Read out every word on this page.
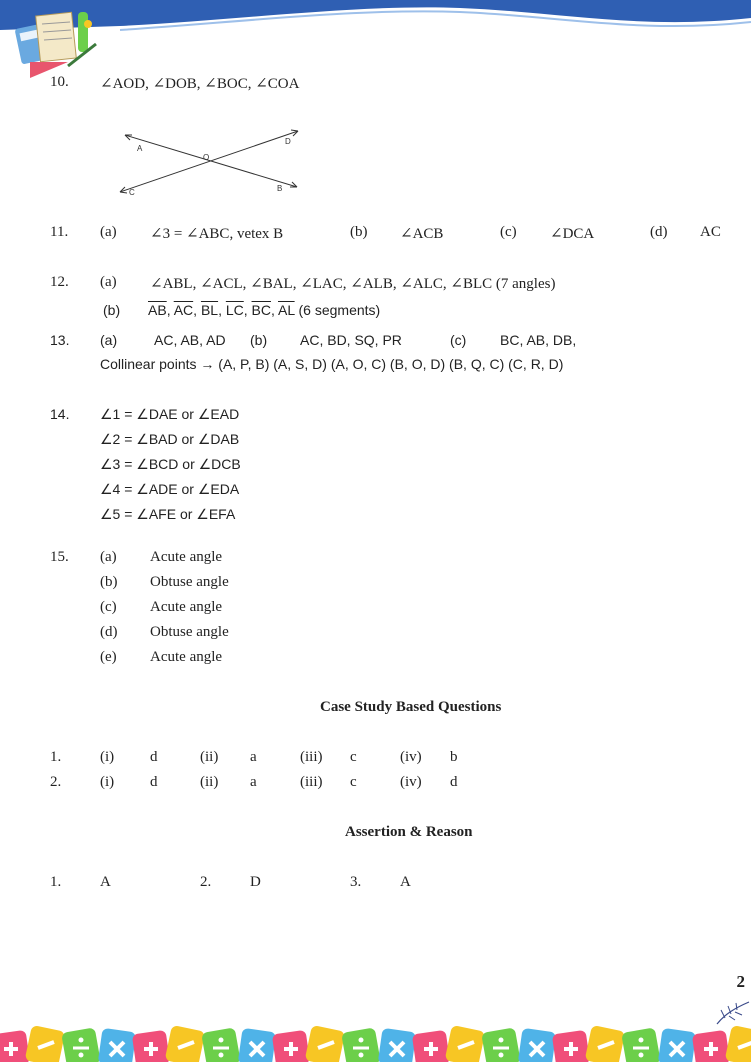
10. ∠AOD, ∠DOB, ∠BOC, ∠COA
A
D
O
C	B
11. (a) ∠3 = ∠ABC, vetex B	(b) ∠ACB	(c) ∠DCA	(d) AC
12. (a) ∠ABL, ∠ACL, ∠BAL, ∠LAC, ∠ALB, ∠ALC, ∠BLC (7 angles)
(b) $\overline{AB}$, $\overline{AC}$, $\overline{BL}$, $\overline{LC}$, $\overline{BC}$, $\overline{AL}$ (6 segments)
13. (a)	AC, AB, AD (b) AC, BD, SQ, PR	(c) BC, AB, DB,
Collinear points → (A, P, B) (A, S, D) (A, O, C) (B, O, D) (B, Q, C) (C, R, D)
14. ∠1 = ∠DAE or ∠EAD
∠2 = ∠BAD or ∠DAB
∠3 = ∠BCD or ∠DCB
∠4 = ∠ADE or ∠EDA
∠5 = ∠AFE or ∠EFA
15. (a) Acute angle
(b) Obtuse angle
(c) Acute angle
(d) Obtuse angle
(e) Acute angle
Case Study Based Questions
1.	(i) d	(ii) a	(iii) c	(iv) b
2.	(i) d	(ii) a	(iii) c	(iv) d
Assertion & Reason
1.	A	2.	D	3.	A
2
